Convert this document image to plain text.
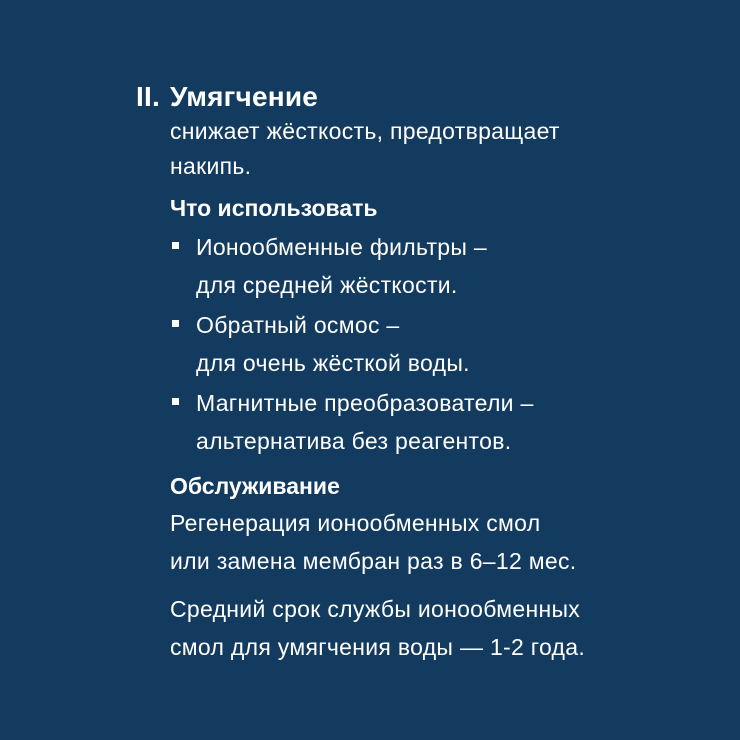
II. Умягчение
снижает жёсткость, предотвращает
накипь.
Что использовать
Ионообменные фильтры –
для средней жёсткости.
Обратный осмос –
для очень жёсткой воды.
Магнитные преобразователи –
альтернатива без реагентов.
Обслуживание
Регенерация ионообменных смол
или замена мембран раз в 6–12 мес.
Средний срок службы ионообменных
смол для умягчения воды — 1-2 года.
